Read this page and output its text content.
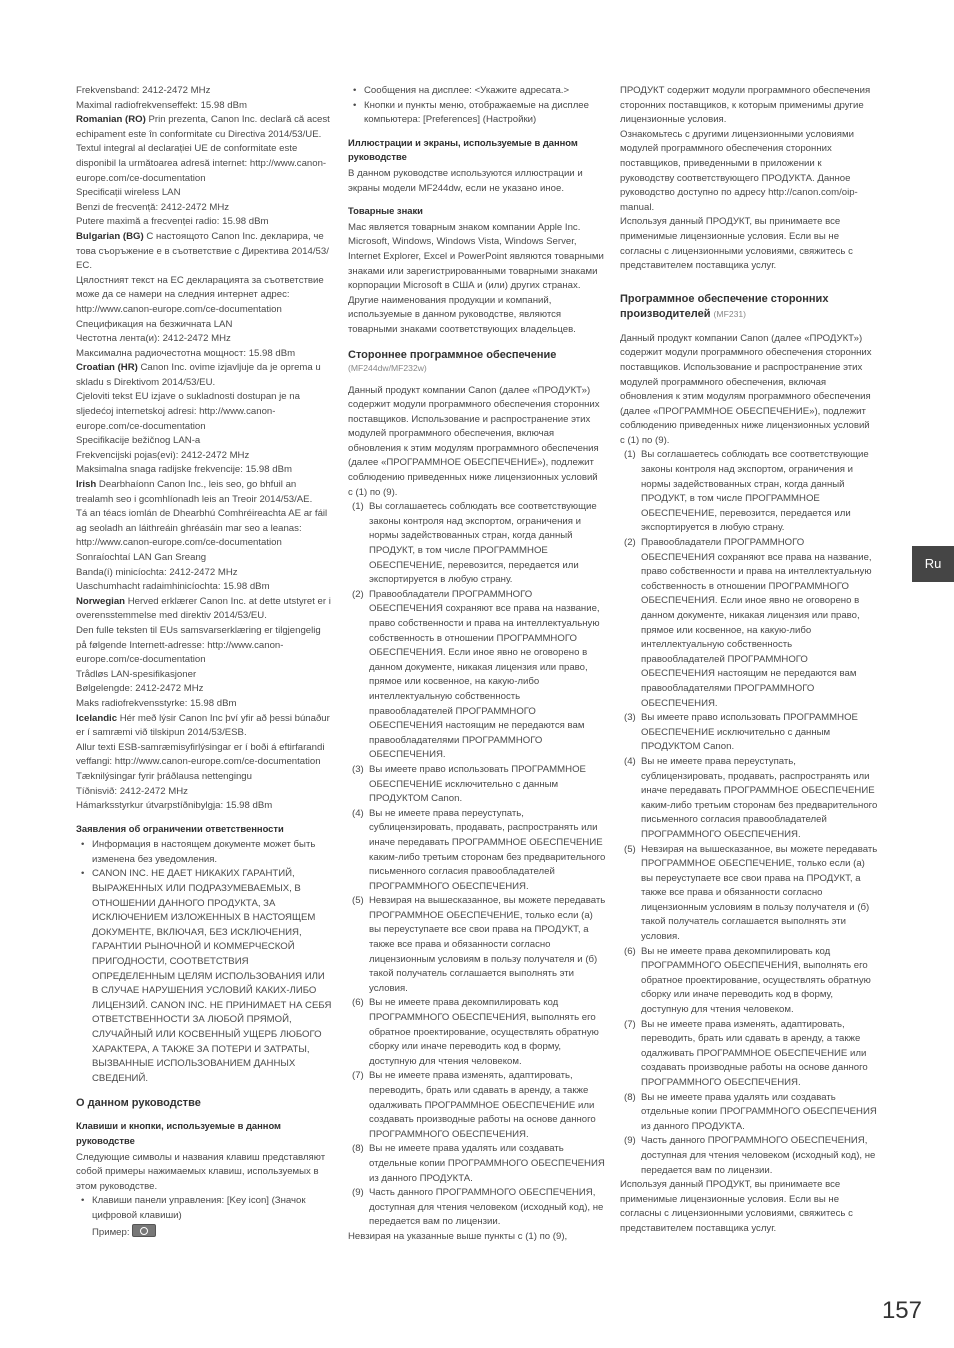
Frekvensband: 2412-2472 MHz

Maximal radiofrekvenseffekt: 15.98 dBm

Romanian (RO) Prin prezenta, Canon Inc. declară că acest echipament este în conformitate cu Directiva 2014/53/UE. Textul integral al declarației UE de conformitate este disponibil la următoarea adresă internet: http://www.canon-europe.com/ce-documentation

Specificații wireless LAN

Benzi de frecvență: 2412-2472 MHz

Putere maximă a frecvenței radio: 15.98 dBm

Bulgarian (BG) С настоящото Canon Inc. декларира, че това съоръжение е в съответствие с Директива 2014/53/ЕС.

Цялостният текст на ЕС декларацията за съответствие може да се намери на следния интернет адрес: http://www.canon-europe.com/ce-documentation

Спецификация на безжичната LAN

Честотна лента(и): 2412-2472 MHz

Максимална радиочестотна мощност: 15.98 dBm

Croatian (HR) Canon Inc. ovime izjavljuje da je oprema u skladu s Direktivom 2014/53/EU.

Cjeloviti tekst EU izjave o sukladnosti dostupan je na sljedećoj internetskoj adresi: http://www.canon-europe.com/ce-documentation

Specifikacije bežičnog LAN-a

Frekvencijski pojas(evi): 2412-2472 MHz

Maksimalna snaga radijske frekvencije: 15.98 dBm

Irish Dearbhaíonn Canon Inc., leis seo, go bhfuil an trealamh seo i gcomhlíonadh leis an Treoir 2014/53/AE.

Tá an téacs iomlán de Dhearbhú Comhréireachta AE ar fáil ag seoladh an láithreáin ghréasáin mar seo a leanas: http://www.canon-europe.com/ce-documentation

Sonraíochtaí LAN Gan Sreang

Banda(í) minicíochta: 2412-2472 MHz

Uaschumhacht radaimhinicíochta: 15.98 dBm

Norwegian Herved erklærer Canon Inc. at dette utstyret er i overensstemmelse med direktiv 2014/53/EU.

Den fulle teksten til EUs samsvarserklæring er tilgjengelig på følgende Internett-adresse: http://www.canon-europe.com/ce-documentation

Trådløs LAN-spesifikasjoner

Bølgelengde: 2412-2472 MHz

Maks radiofrekvensstyrke: 15.98 dBm

Icelandic Hér með lýsir Canon Inc því yfir að þessi búnaður er í samræmi við tilskipun 2014/53/ESB.

Allur texti ESB-samræmisyfirlýsingar er í boði á eftirfarandi veffangi: http://www.canon-europe.com/ce-documentation

Tæknilýsingar fyrir þráðlausa nettengingu

Tíðnisvið: 2412-2472 MHz

Hámarksstyrkur útvarpstíðnibylgja: 15.98 dBm

Заявления об ограничении ответственности

• Информация в настоящем документе может быть изменена без уведомления.
• CANON INC. НЕ ДАЕТ НИКАКИХ ГАРАНТИЙ, ВЫРАЖЕННЫХ ИЛИ ПОДРАЗУМЕВАЕМЫХ, В ОТНОШЕНИИ ДАННОГО ПРОДУКТА, ЗА ИСКЛЮЧЕНИЕМ ИЗЛОЖЕННЫХ В НАСТОЯЩЕМ ДОКУМЕНТЕ, ВКЛЮЧАЯ, БЕЗ ИСКЛЮЧЕНИЯ, ГАРАНТИИ РЫНОЧНОЙ И КОММЕРЧЕСКОЙ ПРИГОДНОСТИ, СООТВЕТСТВИЯ ОПРЕДЕЛЕННЫМ ЦЕЛЯМ ИСПОЛЬЗОВАНИЯ ИЛИ В СЛУЧАЕ НАРУШЕНИЯ УСЛОВИЙ КАКИХ-ЛИБО ЛИЦЕНЗИЙ. CANON INC. НЕ ПРИНИМАЕТ НА СЕБЯ ОТВЕТСТВЕННОСТИ ЗА ЛЮБОЙ ПРЯМОЙ, СЛУЧАЙНЫЙ ИЛИ КОСВЕННЫЙ УЩЕРБ ЛЮБОГО ХАРАКТЕРА, А ТАКЖЕ ЗА ПОТЕРИ И ЗАТРАТЫ, ВЫЗВАННЫЕ ИСПОЛЬЗОВАНИЕМ ДАННЫХ СВЕДЕНИЙ.

О данном руководстве

Клавиши и кнопки, используемые в данном руководстве

Следующие символы и названия клавиш представляют собой примеры нажимаемых клавиш, используемых в этом руководстве.

• Клавиши панели управления: [Key icon] (Значок цифровой клавиши)
Пример:
• Сообщения на дисплее: <Укажите адресата.>
• Кнопки и пункты меню, отображаемые на дисплее компьютера: [Preferences] (Настройки)

Иллюстрации и экраны, используемые в данном руководстве

В данном руководстве используются иллюстрации и экраны модели MF244dw, если не указано иное.

Товарные знаки

Mac является товарным знаком компании Apple Inc.

Microsoft, Windows, Windows Vista, Windows Server, Internet Explorer, Excel и PowerPoint являются товарными знаками или зарегистрированными товарными знаками корпорации Microsoft в США и (или) других странах.

Другие наименования продукции и компаний, используемые в данном руководстве, являются товарными знаками соответствующих владельцев.

Стороннее программное обеспечение

(MF244dw/MF232w)

Данный продукт компании Canon (далее «ПРОДУКТ») содержит модули программного обеспечения сторонних поставщиков. Использование и распространение этих модулей программного обеспечения, включая обновления к этим модулям программного обеспечения (далее «ПРОГРАММНОЕ ОБЕСПЕЧЕНИЕ»), подлежит соблюдению приведенных ниже лицензионных условий

с (1) по (9).

(1) Вы соглашаетесь соблюдать все соответствующие законы контроля над экспортом, ограничения и нормы задействованных стран, когда данный ПРОДУКТ, в том числе ПРОГРАММНОЕ ОБЕСПЕЧЕНИЕ, перевозится, передается или экспортируется в любую страну.
(2) Правообладатели ПРОГРАММНОГО ОБЕСПЕЧЕНИЯ сохраняют все права на название, право собственности и права на интеллектуальную собственность в отношении ПРОГРАММНОГО ОБЕСПЕЧЕНИЯ. Если иное явно не оговорено в данном документе, никакая лицензия или право, прямое или косвенное, на какую-либо интеллектуальную собственность правообладателей ПРОГРАММНОГО ОБЕСПЕЧЕНИЯ настоящим не передаются вам правообладателями ПРОГРАММНОГО ОБЕСПЕЧЕНИЯ.
(3) Вы имеете право использовать ПРОГРАММНОЕ ОБЕСПЕЧЕНИЕ исключительно с данным ПРОДУКТОМ Canon.
(4) Вы не имеете права переуступать, сублицензировать, продавать, распространять или иначе передавать ПРОГРАММНОЕ ОБЕСПЕЧЕНИЕ каким-либо третьим сторонам без предварительного письменного согласия правообладателей ПРОГРАММНОГО ОБЕСПЕЧЕНИЯ.
(5) Невзирая на вышесказанное, вы можете передавать ПРОГРАММНОЕ ОБЕСПЕЧЕНИЕ, только если (а) вы переуступаете все свои права на ПРОДУКТ, а также все права и обязанности согласно лицензионным условиям в пользу получателя и (б) такой получатель соглашается выполнять эти условия.
(6) Вы не имеете права декомпилировать код ПРОГРАММНОГО ОБЕСПЕЧЕНИЯ, выполнять его обратное проектирование, осуществлять обратную сборку или иначе переводить код в форму, доступную для чтения человеком.
(7) Вы не имеете права изменять, адаптировать, переводить, брать или сдавать в аренду, а также одалживать ПРОГРАММНОЕ ОБЕСПЕЧЕНИЕ или создавать производные работы на основе данного ПРОГРАММНОГО ОБЕСПЕЧЕНИЯ.
(8) Вы не имеете права удалять или создавать отдельные копии ПРОГРАММНОГО ОБЕСПЕЧЕНИЯ из данного ПРОДУКТА.
(9) Часть данного ПРОГРАММНОГО ОБЕСПЕЧЕНИЯ, доступная для чтения человеком (исходный код), не передается вам по лицензии.

Невзирая на указанные выше пункты с (1) по (9),

ПРОДУКТ содержит модули программного обеспечения сторонних поставщиков, к которым применимы другие лицензионные условия.

Ознакомьтесь с другими лицензионными условиями модулей программного обеспечения сторонних поставщиков, приведенными в приложении к руководству соответствующего ПРОДУКТА. Данное руководство доступно по адресу http://canon.com/oip-manual.

Используя данный ПРОДУКТ, вы принимаете все применимые лицензионные условия. Если вы не согласны с лицензионными условиями, свяжитесь с представителем поставщика услуг.

Программное обеспечение сторонних производителей (MF231)

Данный продукт компании Canon (далее «ПРОДУКТ») содержит модули программного обеспечения сторонних поставщиков. Использование и распространение этих модулей программного обеспечения, включая обновления к этим модулям программного обеспечения (далее «ПРОГРАММНОЕ ОБЕСПЕЧЕНИЕ»), подлежит соблюдению приведенных ниже лицензионных условий

с (1) по (9).

(1) Вы соглашаетесь соблюдать все соответствующие законы контроля над экспортом, ограничения и нормы задействованных стран, когда данный ПРОДУКТ, в том числе ПРОГРАММНОЕ ОБЕСПЕЧЕНИЕ, перевозится, передается или экспортируется в любую страну.
(2) Правообладатели ПРОГРАММНОГО ОБЕСПЕЧЕНИЯ сохраняют все права на название, право собственности и права на интеллектуальную собственность в отношении ПРОГРАММНОГО ОБЕСПЕЧЕНИЯ. Если иное явно не оговорено в данном документе, никакая лицензия или право, прямое или косвенное, на какую-либо интеллектуальную собственность правообладателей ПРОГРАММНОГО ОБЕСПЕЧЕНИЯ настоящим не передаются вам правообладателями ПРОГРАММНОГО ОБЕСПЕЧЕНИЯ.
(3) Вы имеете право использовать ПРОГРАММНОЕ ОБЕСПЕЧЕНИЕ исключительно с данным ПРОДУКТОМ Canon.
(4) Вы не имеете права переуступать, сублицензировать, продавать, распространять или иначе передавать ПРОГРАММНОЕ ОБЕСПЕЧЕНИЕ каким-либо третьим сторонам без предварительного письменного согласия правообладателей ПРОГРАММНОГО ОБЕСПЕЧЕНИЯ.
(5) Невзирая на вышесказанное, вы можете передавать ПРОГРАММНОЕ ОБЕСПЕЧЕНИЕ, только если (а) вы переуступаете все свои права на ПРОДУКТ, а также все права и обязанности согласно лицензионным условиям в пользу получателя и (б) такой получатель соглашается выполнять эти условия.
(6) Вы не имеете права декомпилировать код ПРОГРАММНОГО ОБЕСПЕЧЕНИЯ, выполнять его обратное проектирование, осуществлять обратную сборку или иначе переводить код в форму, доступную для чтения человеком.
(7) Вы не имеете права изменять, адаптировать, переводить, брать или сдавать в аренду, а также одалживать ПРОГРАММНОЕ ОБЕСПЕЧЕНИЕ или создавать производные работы на основе данного ПРОГРАММНОГО ОБЕСПЕЧЕНИЯ.
(8) Вы не имеете права удалять или создавать отдельные копии ПРОГРАММНОГО ОБЕСПЕЧЕНИЯ из данного ПРОДУКТА.
(9) Часть данного ПРОГРАММНОГО ОБЕСПЕЧЕНИЯ, доступная для чтения человеком (исходный код), не передается вам по лицензии.

Используя данный ПРОДУКТ, вы принимаете все применимые лицензионные условия. Если вы не согласны с лицензионными условиями, свяжитесь с представителем поставщика услуг.

Ru
157
